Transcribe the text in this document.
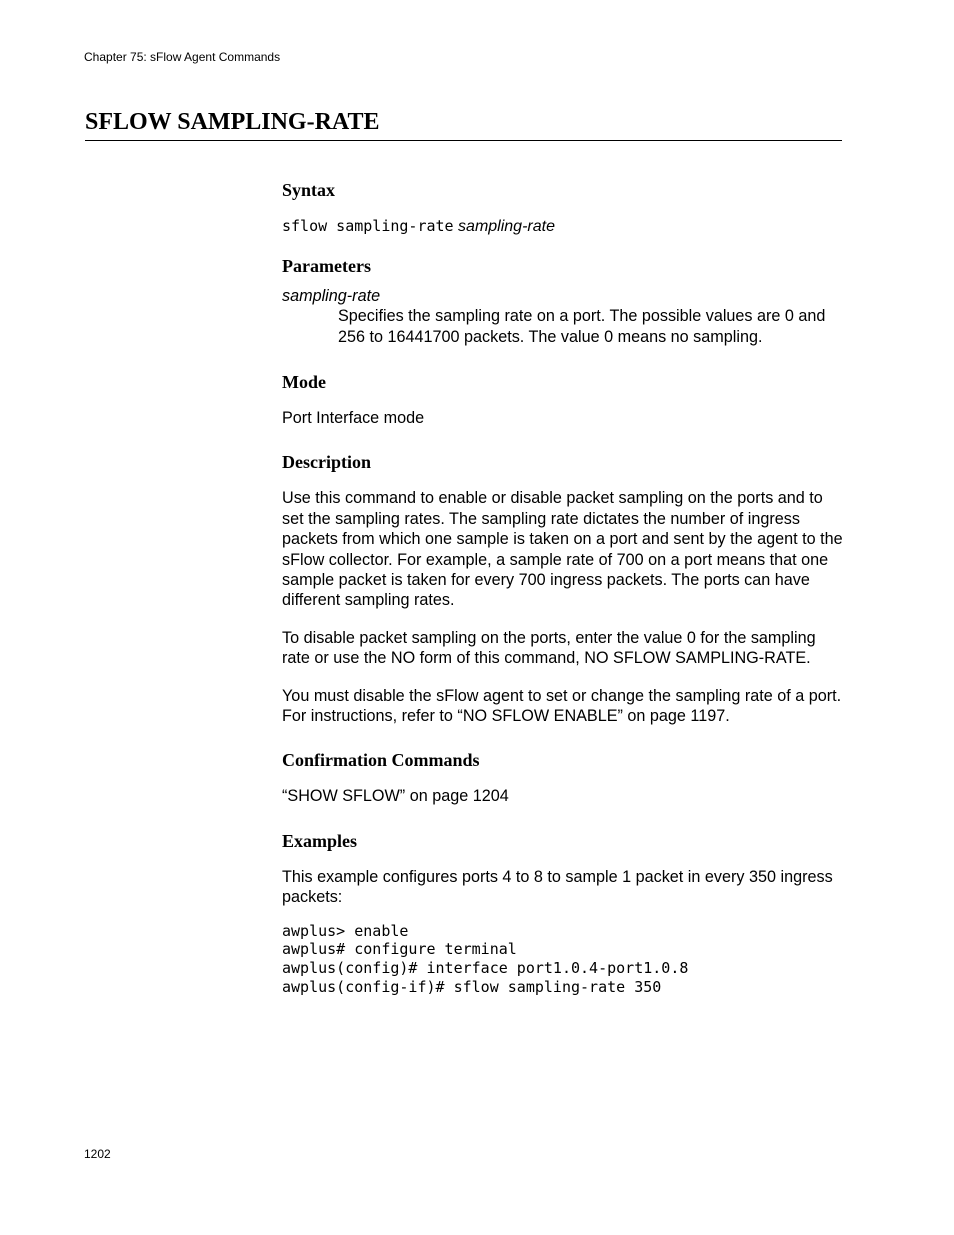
Chapter 75: sFlow Agent Commands
SFLOW SAMPLING-RATE
Syntax

sflow sampling-rate sampling-rate

Parameters

sampling-rate

Specifies the sampling rate on a port. The possible values are 0 and 256 to 16441700 packets. The value 0 means no sampling.

Mode

Port Interface mode

Description

Use this command to enable or disable packet sampling on the ports and to set the sampling rates. The sampling rate dictates the number of ingress packets from which one sample is taken on a port and sent by the agent to the sFlow collector. For example, a sample rate of 700 on a port means that one sample packet is taken for every 700 ingress packets. The ports can have different sampling rates.

To disable packet sampling on the ports, enter the value 0 for the sampling rate or use the NO form of this command, NO SFLOW SAMPLING-RATE.

You must disable the sFlow agent to set or change the sampling rate of a port. For instructions, refer to “NO SFLOW ENABLE” on page 1197.

Confirmation Commands

“SHOW SFLOW” on page 1204

Examples

This example configures ports 4 to 8 to sample 1 packet in every 350 ingress packets:

awplus> enable
awplus# configure terminal
awplus(config)# interface port1.0.4-port1.0.8
awplus(config-if)# sflow sampling-rate 350
1202
